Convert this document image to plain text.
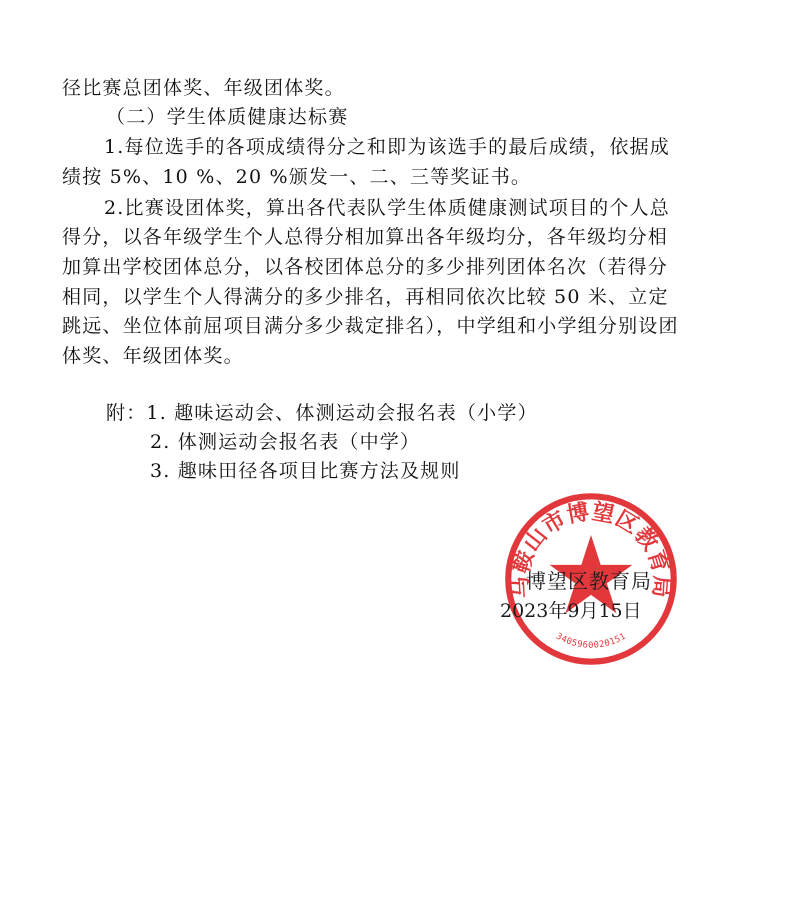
径比赛总团体奖、年级团体奖。
（二）学生体质健康达标赛
1.每位选手的各项成绩得分之和即为该选手的最后成绩，依据成
绩按 5%、10 %、20 %颁发一、二、三等奖证书。
2.比赛设团体奖，算出各代表队学生体质健康测试项目的个人总
得分，以各年级学生个人总得分相加算出各年级均分，各年级均分相
加算出学校团体总分，以各校团体总分的多少排列团体名次（若得分
相同，以学生个人得满分的多少排名，再相同依次比较 50 米、立定
跳远、坐位体前屈项目满分多少裁定排名），中学组和小学组分别设团
体奖、年级团体奖。
附：1. 趣味运动会、体测运动会报名表（小学）
2. 体测运动会报名表（中学）
3. 趣味田径各项目比赛方法及规则
马鞍山市博望区教育局
3405960020151
博望区教育局
2023年9月15日
